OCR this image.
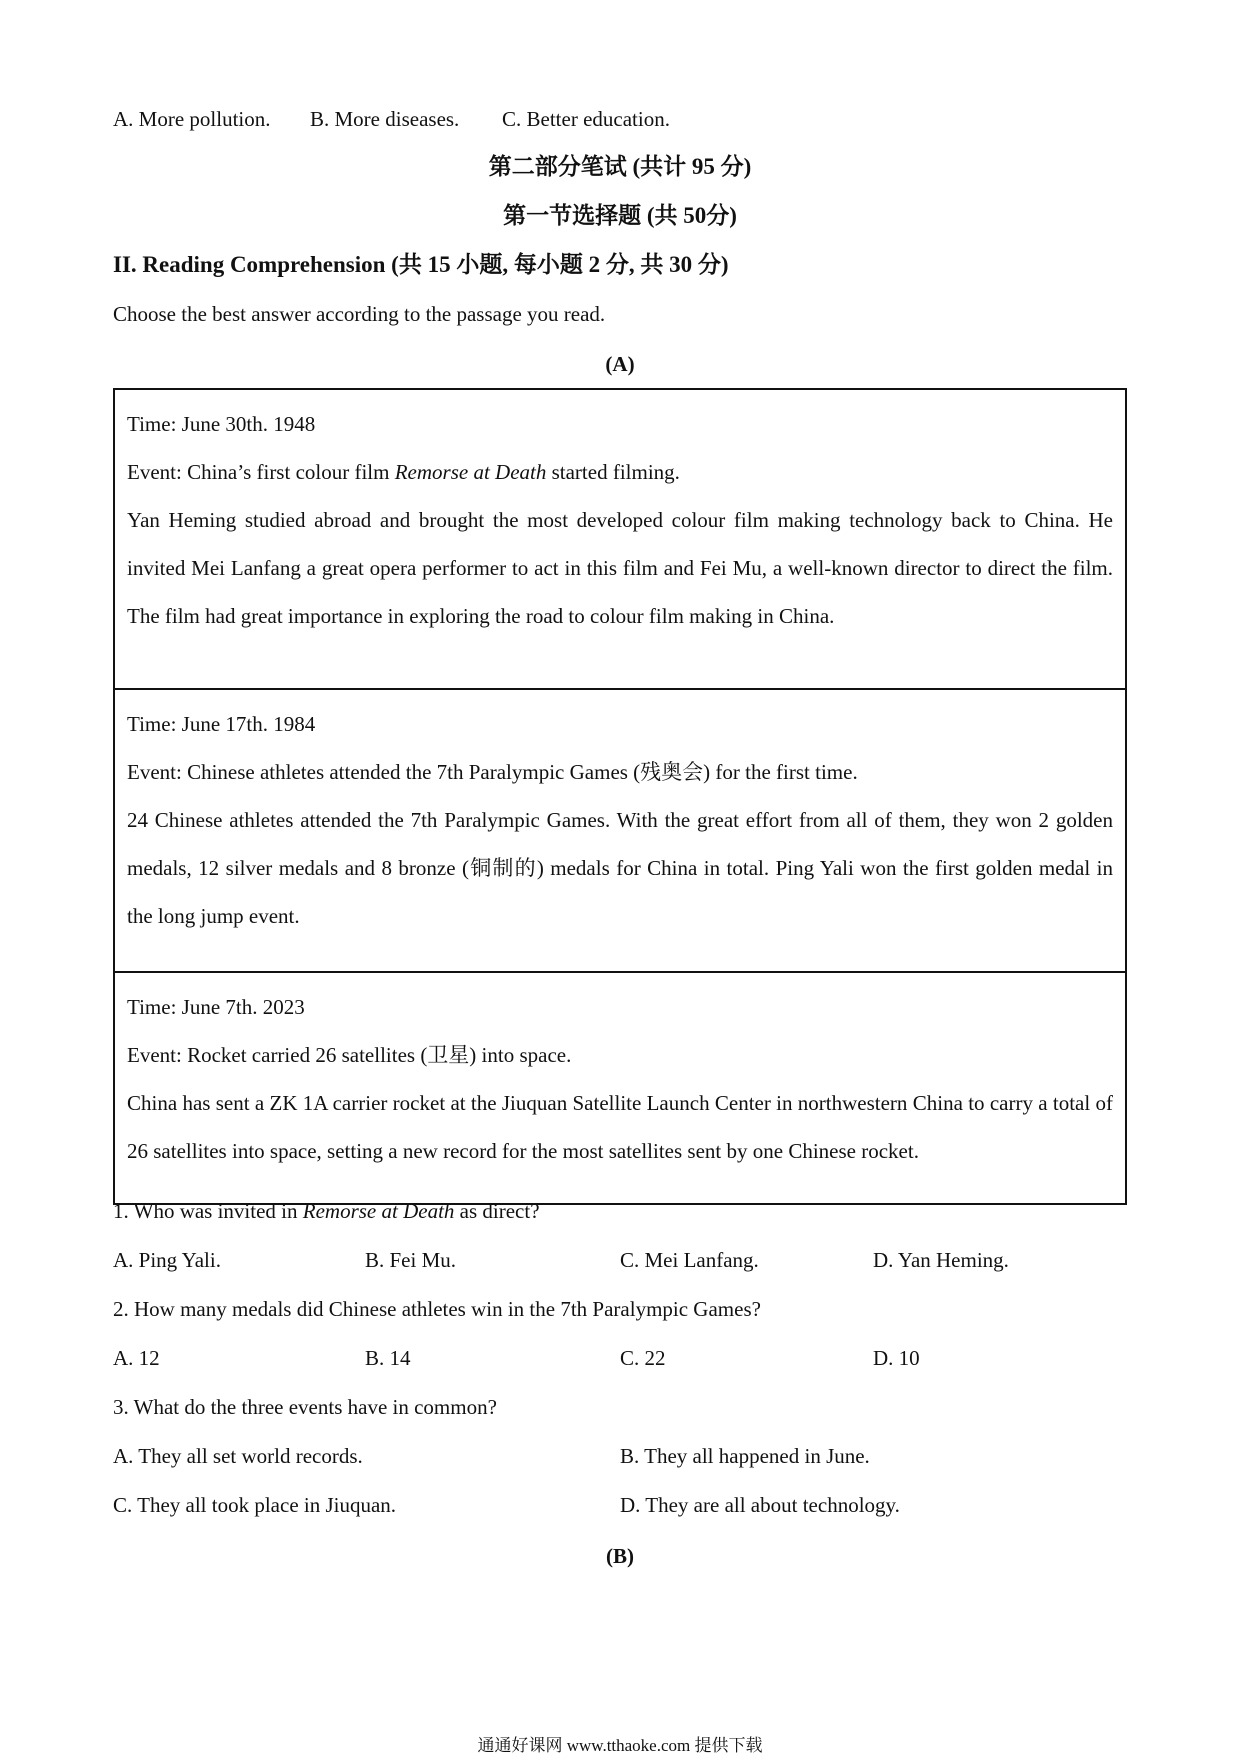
A. More pollution. B. More diseases. C. Better education.
第二部分笔试 (共计 95 分)
第一节选择题 (共 50分)
II. Reading Comprehension (共 15 小题, 每小题 2 分, 共 30 分)
Choose the best answer according to the passage you read.
(A)

Time: June 30th. 1948

Event: China’s first colour film Remorse at Death started filming.

Yan Heming studied abroad and brought the most developed colour film making technology back to China. He invited Mei Lanfang a great opera performer to act in this film and Fei Mu, a well-known director to direct the film. The film had great importance in exploring the road to colour film making in China.

Time: June 17th. 1984

Event: Chinese athletes attended the 7th Paralympic Games (残奥会) for the first time.

24 Chinese athletes attended the 7th Paralympic Games. With the great effort from all of them, they won 2 golden medals, 12 silver medals and 8 bronze (铜制的) medals for China in total. Ping Yali won the first golden medal in the long jump event.

Time: June 7th. 2023

Event: Rocket carried 26 satellites (卫星) into space.

China has sent a ZK 1A carrier rocket at the Jiuquan Satellite Launch Center in northwestern China to carry a total of 26 satellites into space, setting a new record for the most satellites sent by one Chinese rocket.

1. Who was invited in Remorse at Death as direct?
A. Ping Yali.	B. Fei Mu.	C. Mei Lanfang.	D. Yan Heming.
2. How many medals did Chinese athletes win in the 7th Paralympic Games?
A. 12	B. 14	C. 22	D. 10
3. What do the three events have in common?
A. They all set world records.	B. They all happened in June.
C. They all took place in Jiuquan.	D. They are all about technology.
(B)
通通好课网 www.tthaoke.com 提供下载
